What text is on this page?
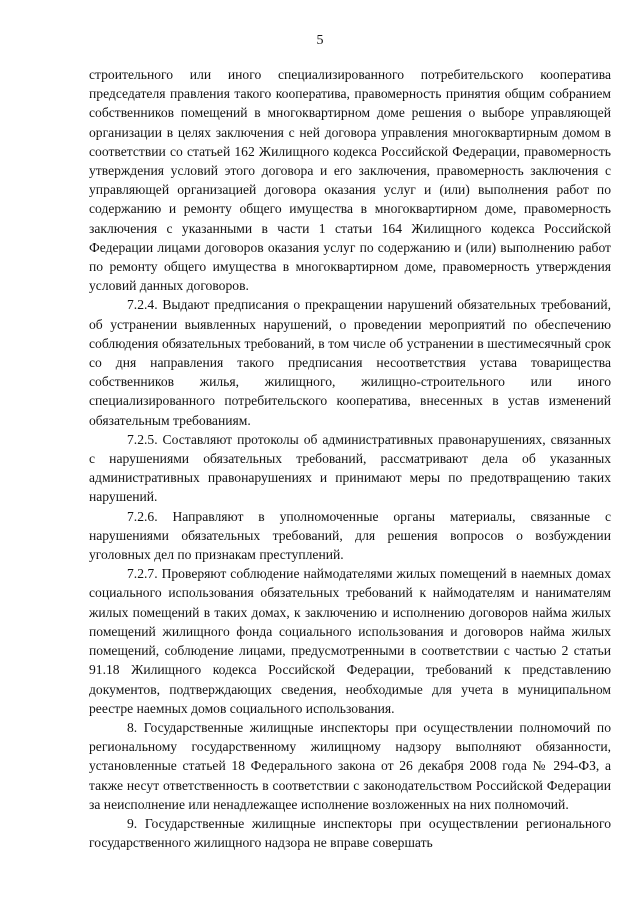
5

строительного или иного специализированного потребительского кооператива председателя правления такого кооператива, правомерность принятия общим собранием собственников помещений в многоквартирном доме решения о выборе управляющей организации в целях заключения с ней договора управления многоквартирным домом в соответствии со статьей 162 Жилищного кодекса Российской Федерации, правомерность утверждения условий этого договора и его заключения, правомерность заключения с управляющей организацией договора оказания услуг и (или) выполнения работ по содержанию и ремонту общего имущества в многоквартирном доме, правомерность заключения с указанными в части 1 статьи 164 Жилищного кодекса Российской Федерации лицами договоров оказания услуг по содержанию и (или) выполнению работ по ремонту общего имущества в многоквартирном доме, правомерность утверждения условий данных договоров.

7.2.4. Выдают предписания о прекращении нарушений обязательных требований, об устранении выявленных нарушений, о проведении мероприятий по обеспечению соблюдения обязательных требований, в том числе об устранении в шестимесячный срок со дня направления такого предписания несоответствия устава товарищества собственников жилья, жилищного, жилищно-строительного или иного специализированного потребительского кооператива, внесенных в устав изменений обязательным требованиям.

7.2.5. Составляют протоколы об административных правонарушениях, связанных с нарушениями обязательных требований, рассматривают дела об указанных административных правонарушениях и принимают меры по предотвращению таких нарушений.

7.2.6. Направляют в уполномоченные органы материалы, связанные с нарушениями обязательных требований, для решения вопросов о возбуждении уголовных дел по признакам преступлений.

7.2.7. Проверяют соблюдение наймодателями жилых помещений в наемных домах социального использования обязательных требований к наймодателям и нанимателям жилых помещений в таких домах, к заключению и исполнению договоров найма жилых помещений жилищного фонда социального использования и договоров найма жилых помещений, соблюдение лицами, предусмотренными в соответствии с частью 2 статьи 91.18 Жилищного кодекса Российской Федерации, требований к представлению документов, подтверждающих сведения, необходимые для учета в муниципальном реестре наемных домов социального использования.

8. Государственные жилищные инспекторы при осуществлении полномочий по региональному государственному жилищному надзору выполняют обязанности, установленные статьей 18 Федерального закона от 26 декабря 2008 года № 294-ФЗ, а также несут ответственность в соответствии с законодательством Российской Федерации за неисполнение или ненадлежащее исполнение возложенных на них полномочий.

9. Государственные жилищные инспекторы при осуществлении регионального государственного жилищного надзора не вправе совершать
